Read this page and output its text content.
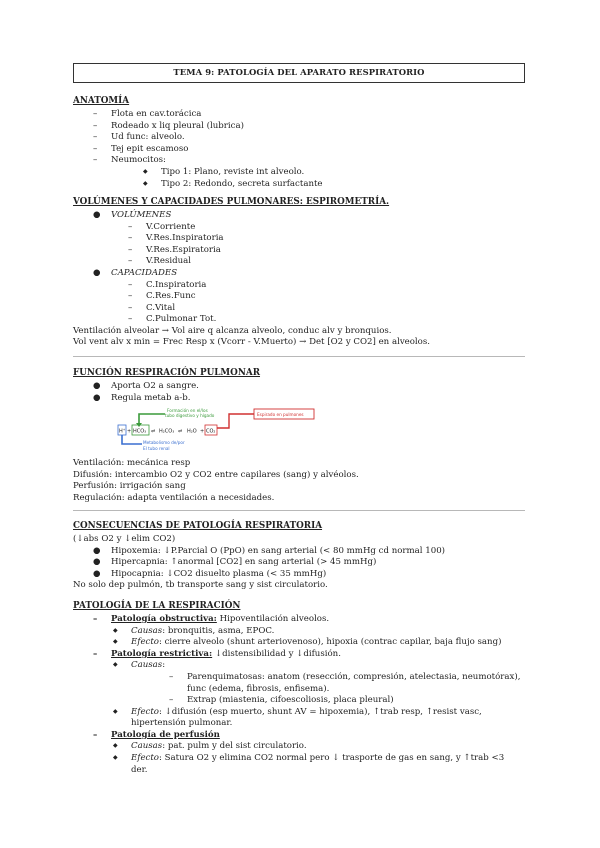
TEMA 9: PATOLOGÍA DEL APARATO RESPIRATORIO
ANATOMÍA
– Flota en cav.torácica
– Rodeado x liq pleural (lubrica)
– Ud func: alveolo.
– Tej epit escamoso
– Neumocitos:
◆ Tipo 1: Plano, reviste int alveolo.
◆ Tipo 2: Redondo, secreta surfactante
VOLÚMENES Y CAPACIDADES PULMONARES: ESPIROMETRÍA.
● VOLÚMENES
– V.Corriente
– V.Res.Inspiratoria
– V.Res.Espiratoria
– V.Residual
● CAPACIDADES
– C.Inspiratoria
– C.Res.Func
– C.Vital
– C.Pulmonar Tot.
Ventilación alveolar → Vol aire q alcanza alveolo, conduc alv y bronquios.
Vol vent alv x min = Frec Resp x (Vcorr - V.Muerto) → Det [O2 y CO2] en alveolos.
FUNCIÓN RESPIRACIÓN PULMONAR
● Aporta O2 a sangre.
● Regula metab a-b.
Formación en el/los
tubo digestivo y hígado
H⁺ + HCO₃ ⇌ H₂CO₃ ⇌ H₂O + CO₂
Espirado en pulmones
Metabolismo de/por
El tubo renal
Ventilación: mecánica resp
Difusión: intercambio O2 y CO2 entre capilares (sang) y alvéolos.
Perfusión: irrigación sang
Regulación: adapta ventilación a necesidades.
CONSECUENCIAS DE PATOLOGÍA RESPIRATORIA
(↓abs O2 y ↓elim CO2)
● Hipoxemia: ↓P.Parcial O (PpO) en sang arterial (< 80 mmHg cd normal 100)
● Hipercapnia: ↑anormal [CO2] en sang arterial (> 45 mmHg)
● Hipocapnia: ↓CO2 disuelto plasma (< 35 mmHg)
No solo dep pulmón, tb transporte sang y sist circulatorio.
PATOLOGÍA DE LA RESPIRACIÓN
– Patología obstructiva: Hipoventilación alveolos.
◆ Causas: bronquitis, asma, EPOC.
◆ Efecto: cierre alveolo (shunt arteriovenoso), hipoxia (contrac capilar, baja flujo sang)
– Patología restrictiva: ↓distensibilidad y ↓difusión.
◆ Causas:
– Parenquimatosas: anatom (resección, compresión, atelectasia, neumotórax),
func (edema, fibrosis, enfisema).
– Extrap (miastenia, cifoescoliosis, placa pleural)
◆ Efecto: ↓difusión (esp muerto, shunt AV = hipoxemia), ↑trab resp, ↑resist vasc,
hipertensión pulmonar.
– Patología de perfusión
◆ Causas: pat. pulm y del sist circulatorio.
◆ Efecto: Satura O2 y elimina CO2 normal pero ↓ trasporte de gas en sang, y ↑trab <3
der.
